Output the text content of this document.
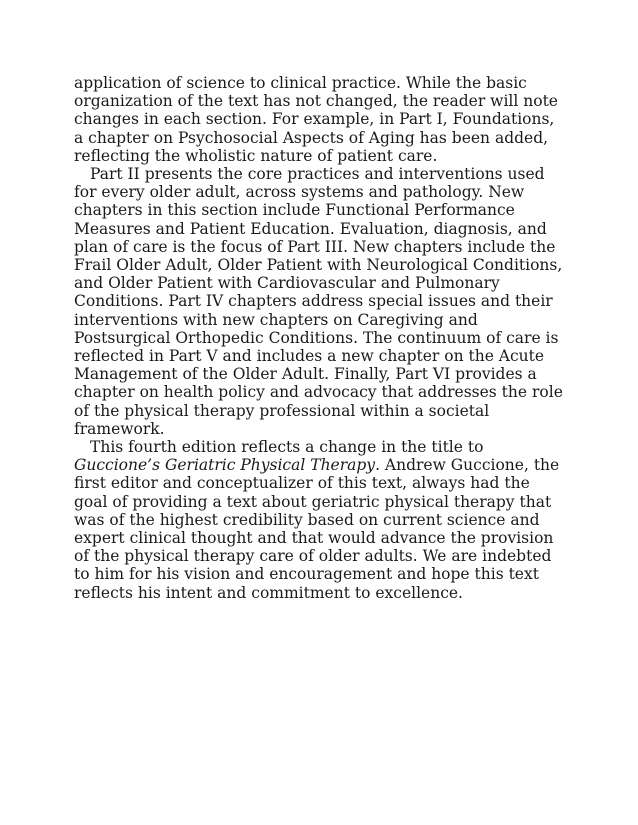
application of science to clinical practice. While the basic organization of the text has not changed, the reader will note changes in each section. For example, in Part I, Foundations, a chapter on Psychosocial Aspects of Aging has been added, reflecting the wholistic nature of patient care.

Part II presents the core practices and interventions used for every older adult, across systems and pathology. New chapters in this section include Functional Performance Measures and Patient Education. Evaluation, diagnosis, and plan of care is the focus of Part III. New chapters include the Frail Older Adult, Older Patient with Neurological Conditions, and Older Patient with Cardiovascular and Pulmonary Conditions. Part IV chapters address special issues and their interventions with new chapters on Caregiving and Postsurgical Orthopedic Conditions. The continuum of care is reflected in Part V and includes a new chapter on the Acute Management of the Older Adult. Finally, Part VI provides a chapter on health policy and advocacy that addresses the role of the physical therapy professional within a societal framework.

This fourth edition reflects a change in the title to Guccione’s Geriatric Physical Therapy. Andrew Guccione, the first editor and conceptualizer of this text, always had the goal of providing a text about geriatric physical therapy that was of the highest credibility based on current science and expert clinical thought and that would advance the provision of the physical therapy care of older adults. We are indebted to him for his vision and encouragement and hope this text reflects his intent and commitment to excellence.
